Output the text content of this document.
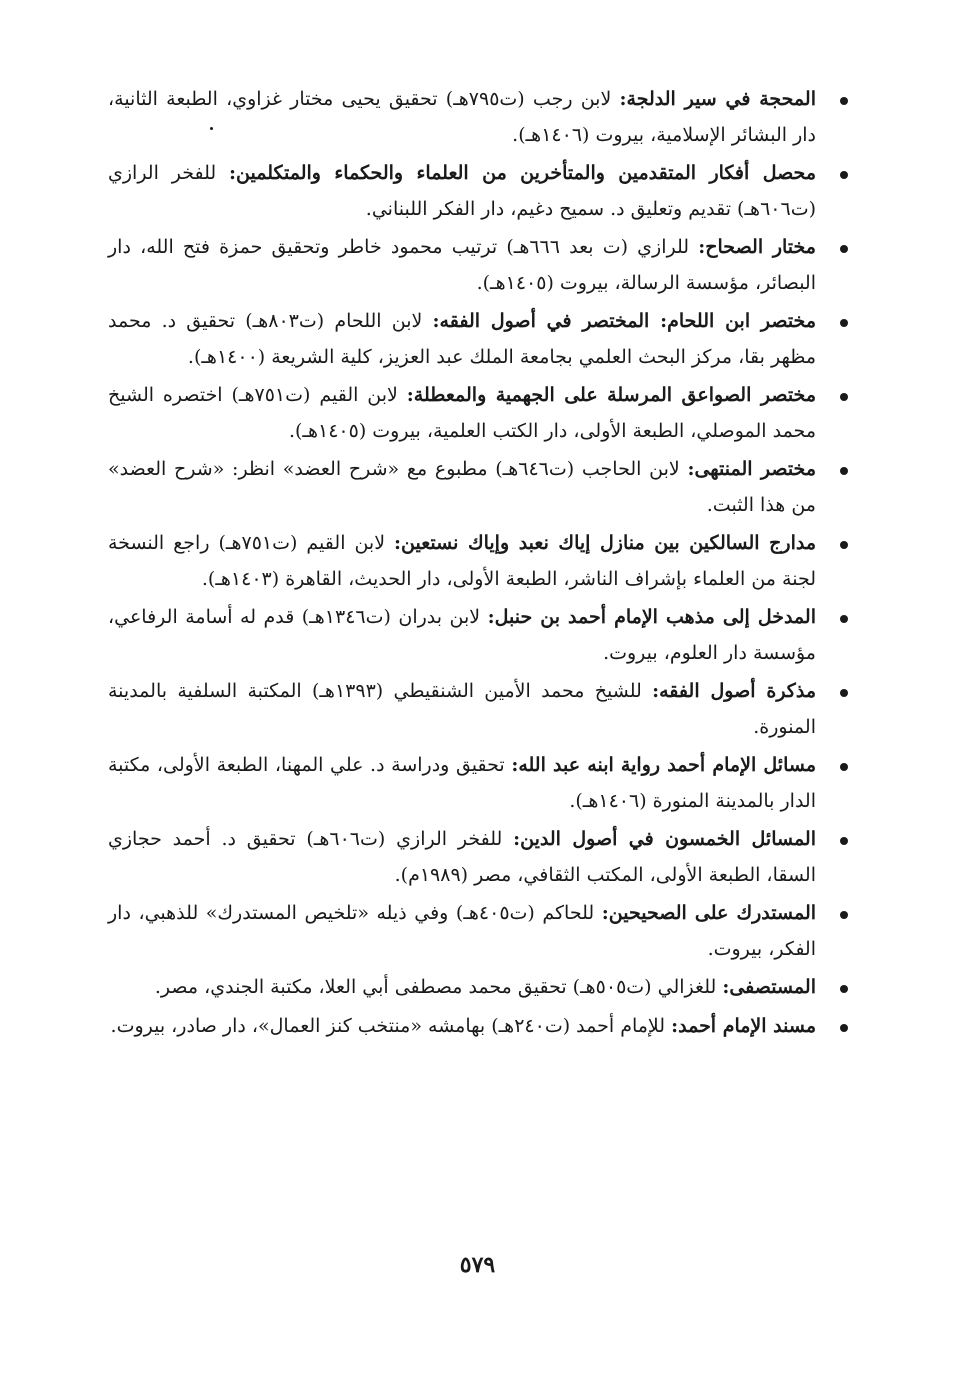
المحجة في سير الدلجة: لابن رجب (ت٧٩٥هـ) تحقيق يحيى مختار غزاوي، الطبعة الثانية، دار البشائر الإسلامية، بيروت (١٤٠٦هـ).
محصل أفكار المتقدمين والمتأخرين من العلماء والحكماء والمتكلمين: للفخر الرازي (ت٦٠٦هـ) تقديم وتعليق د. سميح دغيم، دار الفكر اللبناني.
مختار الصحاح: للرازي (ت بعد ٦٦٦هـ) ترتيب محمود خاطر وتحقيق حمزة فتح الله، دار البصائر، مؤسسة الرسالة، بيروت (١٤٠٥هـ).
مختصر ابن اللحام: المختصر في أصول الفقه: لابن اللحام (ت٨٠٣هـ) تحقيق د. محمد مظهر بقا، مركز البحث العلمي بجامعة الملك عبد العزيز، كلية الشريعة (١٤٠٠هـ).
مختصر الصواعق المرسلة على الجهمية والمعطلة: لابن القيم (ت٧٥١هـ) اختصره الشيخ محمد الموصلي، الطبعة الأولى، دار الكتب العلمية، بيروت (١٤٠٥هـ).
مختصر المنتهى: لابن الحاجب (ت٦٤٦هـ) مطبوع مع «شرح العضد» انظر: «شرح العضد» من هذا الثبت.
مدارج السالكين بين منازل إياك نعبد وإياك نستعين: لابن القيم (ت٧٥١هـ) راجع النسخة لجنة من العلماء بإشراف الناشر، الطبعة الأولى، دار الحديث، القاهرة (١٤٠٣هـ).
المدخل إلى مذهب الإمام أحمد بن حنبل: لابن بدران (ت١٣٤٦هـ) قدم له أسامة الرفاعي، مؤسسة دار العلوم، بيروت.
مذكرة أصول الفقه: للشيخ محمد الأمين الشنقيطي (١٣٩٣هـ) المكتبة السلفية بالمدينة المنورة.
مسائل الإمام أحمد رواية ابنه عبد الله: تحقيق ودراسة د. علي المهنا، الطبعة الأولى، مكتبة الدار بالمدينة المنورة (١٤٠٦هـ).
المسائل الخمسون في أصول الدين: للفخر الرازي (ت٦٠٦هـ) تحقيق د. أحمد حجازي السقا، الطبعة الأولى، المكتب الثقافي، مصر (١٩٨٩م).
المستدرك على الصحيحين: للحاكم (ت٤٠٥هـ) وفي ذيله «تلخيص المستدرك» للذهبي، دار الفكر، بيروت.
المستصفى: للغزالي (ت٥٠٥هـ) تحقيق محمد مصطفى أبي العلا، مكتبة الجندي، مصر.
مسند الإمام أحمد: للإمام أحمد (ت٢٤٠هـ) بهامشه «منتخب كنز العمال»، دار صادر، بيروت.
٥٧٩
